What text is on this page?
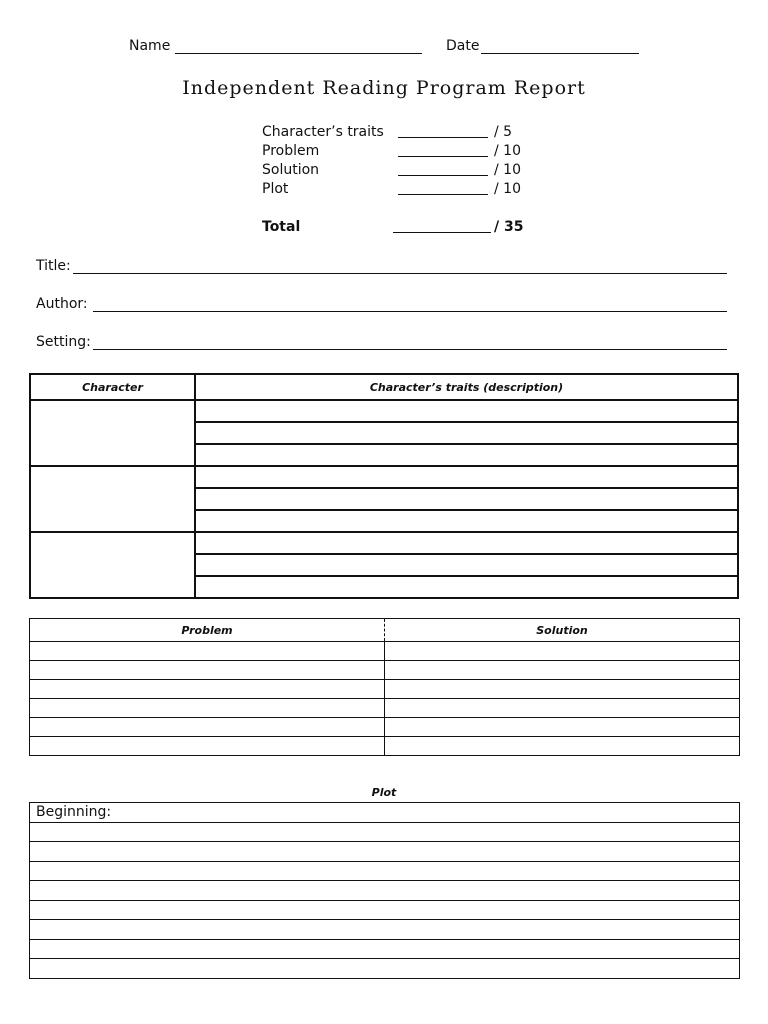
Name	Date
Independent Reading Program Report
Character’s traits	/ 5
Problem	/ 10
Solution	/ 10
Plot	/ 10
Total	/ 35
Title:
Author:
Setting:
Character	Character’s traits (description)

Problem	Solution

Plot
Beginning:
